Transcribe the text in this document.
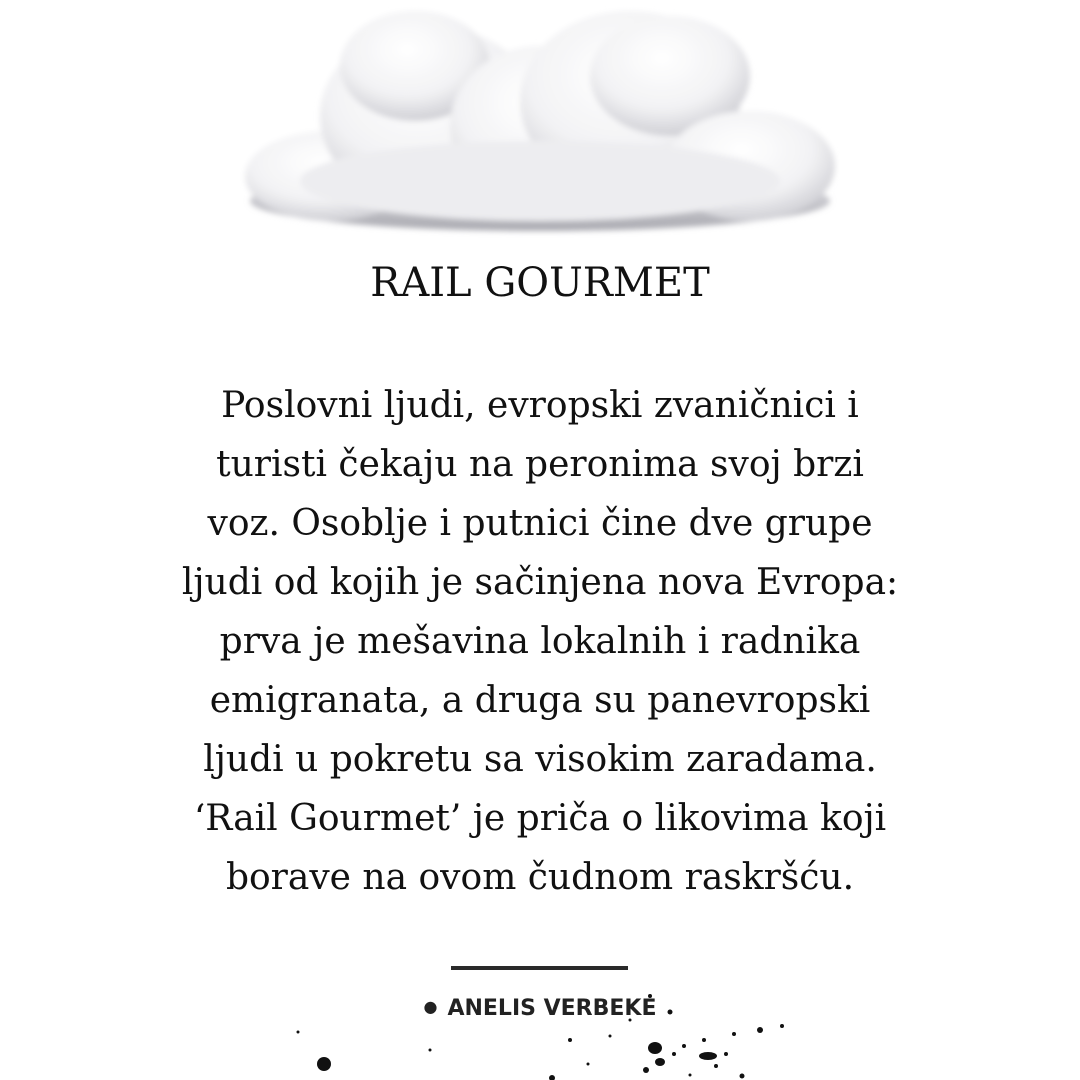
RAIL GOURMET
Poslovni ljudi, evropski zvaničnici i
turisti čekaju na peronima svoj brzi
voz. Osoblje i putnici čine dve grupe
ljudi od kojih je sačinjena nova Evropa:
prva je mešavina lokalnih i radnika
emigranata, a druga su panevropski
ljudi u pokretu sa visokim zaradama.
‘Rail Gourmet’ je priča o likovima koji
borave na ovom čudnom raskršću.
● ANELIS VERBEKE
